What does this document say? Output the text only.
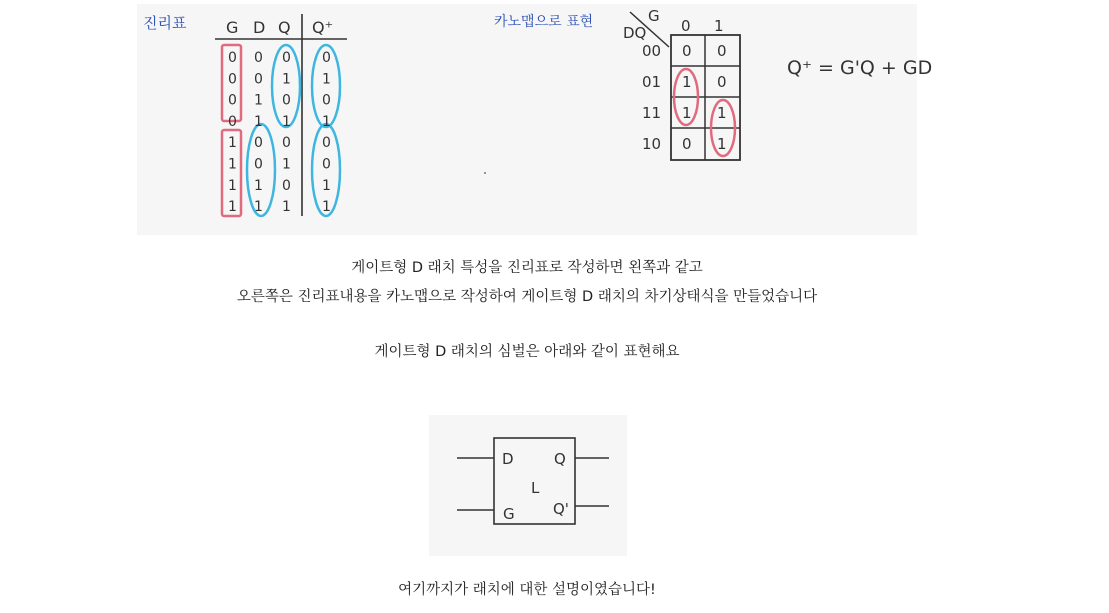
진리표 G D Q Q⁺
0 0 0 0
0 0 1 1
0 1 0 0
0 1 1 1
1 0 0 0
1 0 1 0
1 1 0 1
1 1 1 1
카노맵으로 표현	G
DQ 0 1
00 0 0
01 1 0
11 1 1
10 0 1
Q⁺ = G'Q + GD
게이트형 D 래치 특성을 진리표로 작성하면 왼쪽과 같고
오른쪽은 진리표내용을 카노맵으로 작성하여 게이트형 D 래치의 차기상태식을 만들었습니다
게이트형 D 래치의 심벌은 아래와 같이 표현해요
D	Q
L
G	Q'
여기까지가 래치에 대한 설명이였습니다!
